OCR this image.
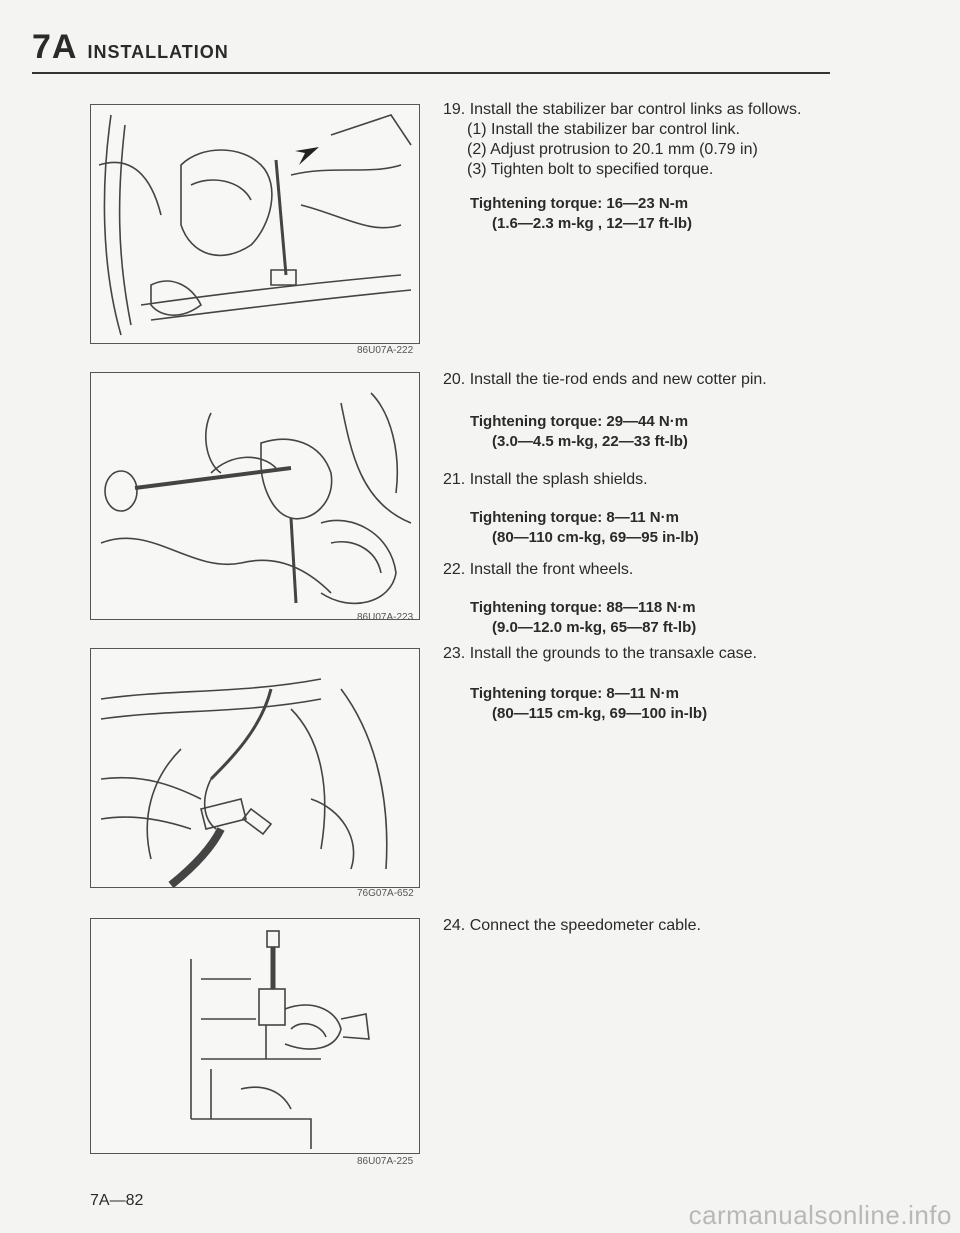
7A INSTALLATION
86U07A-222
86U07A-223
76G07A-652
86U07A-225
19. Install the stabilizer bar control links as follows.
(1) Install the stabilizer bar control link.
(2) Adjust protrusion to 20.1 mm (0.79 in)
(3) Tighten bolt to specified torque.
Tightening torque: 16—23 N-m
(1.6—2.3 m-kg , 12—17 ft-lb)
20. Install the tie-rod ends and new cotter pin.
Tightening torque: 29—44 N·m
(3.0—4.5 m-kg, 22—33 ft-lb)
21. Install the splash shields.
Tightening torque: 8—11 N·m
(80—110 cm-kg, 69—95 in-lb)
22. Install the front wheels.
Tightening torque: 88—118 N·m
(9.0—12.0 m-kg, 65—87 ft-lb)
23. Install the grounds to the transaxle case.
Tightening torque: 8—11 N·m
(80—115 cm-kg, 69—100 in-lb)
24. Connect the speedometer cable.
7A—82	carmanualsonline.info
